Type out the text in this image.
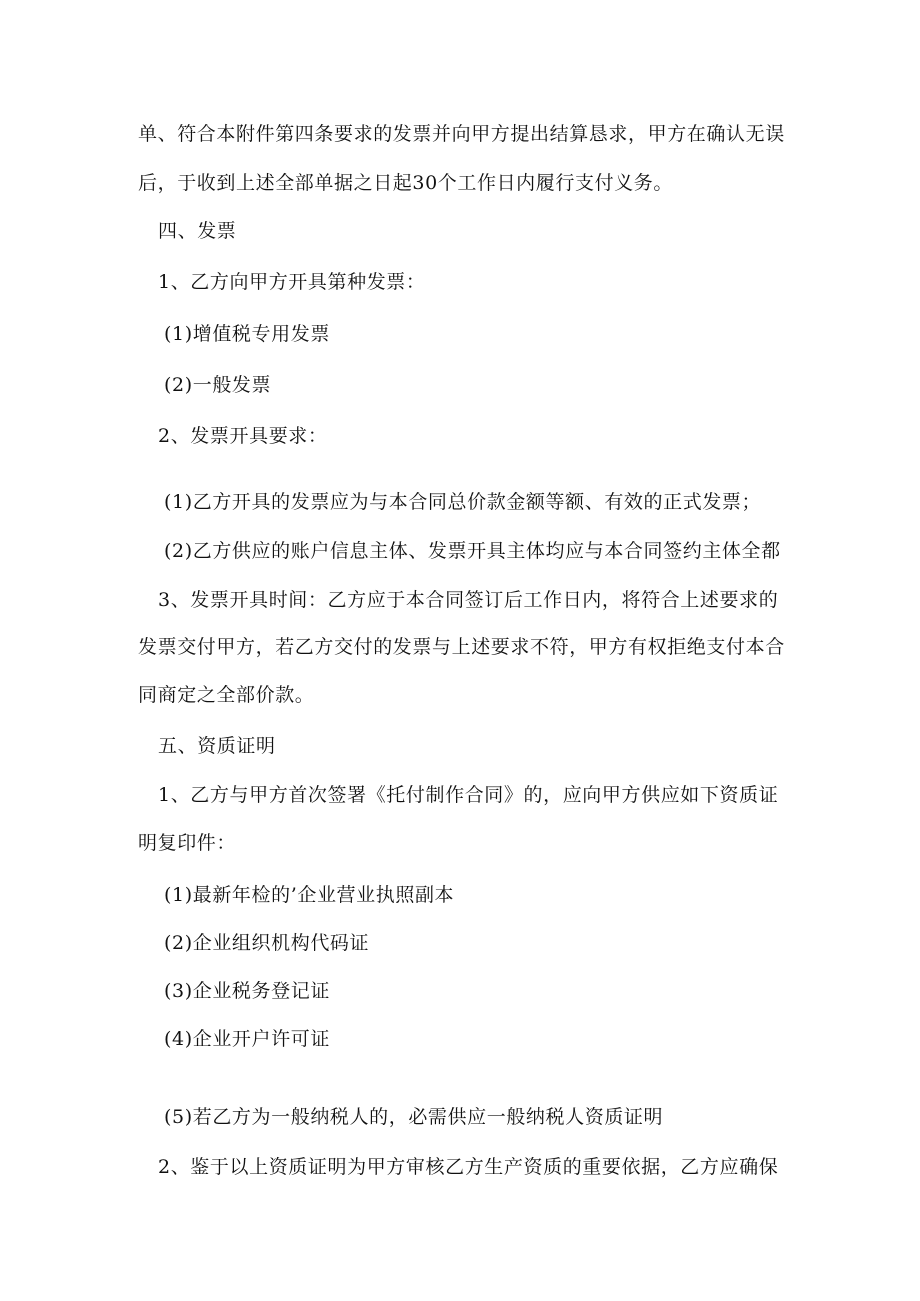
单、符合本附件第四条要求的发票并向甲方提出结算恳求，甲方在确认无误
后，于收到上述全部单据之日起30个工作日内履行支付义务。
四、发票
1、乙方向甲方开具第种发票：
(1)增值税专用发票
(2)一般发票
2、发票开具要求：
(1)乙方开具的发票应为与本合同总价款金额等额、有效的正式发票；
(2)乙方供应的账户信息主体、发票开具主体均应与本合同签约主体全都
3、发票开具时间：乙方应于本合同签订后工作日内，将符合上述要求的
发票交付甲方，若乙方交付的发票与上述要求不符，甲方有权拒绝支付本合
同商定之全部价款。
五、资质证明
1、乙方与甲方首次签署《托付制作合同》的，应向甲方供应如下资质证
明复印件：
(1)最新年检的’企业营业执照副本
(2)企业组织机构代码证
(3)企业税务登记证
(4)企业开户许可证
(5)若乙方为一般纳税人的，必需供应一般纳税人资质证明
2、鉴于以上资质证明为甲方审核乙方生产资质的重要依据，乙方应确保
